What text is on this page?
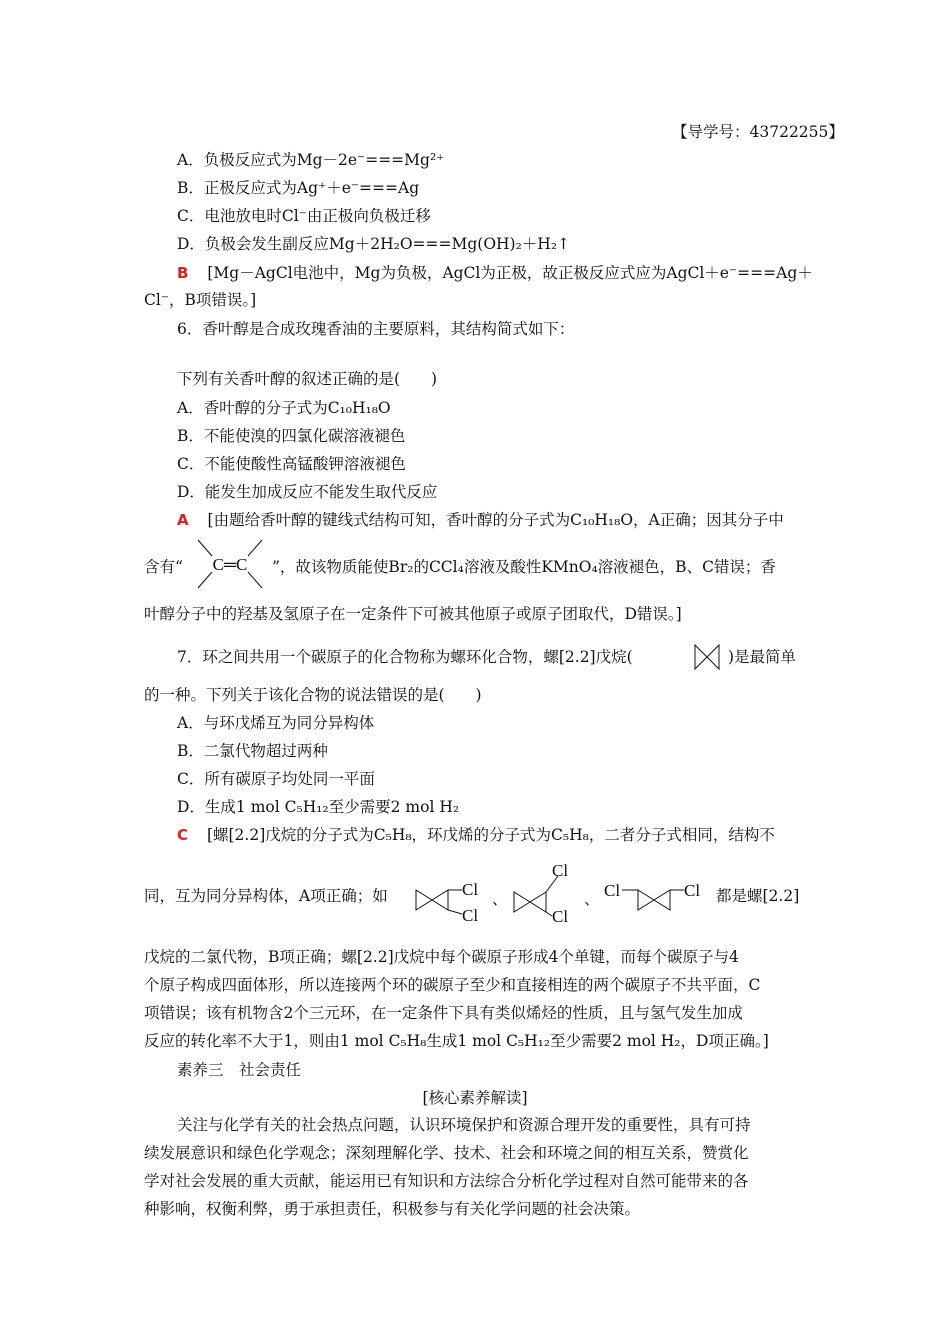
【导学号：43722255】
A．负极反应式为Mg－2e⁻===Mg²⁺
B．正极反应式为Ag⁺＋e⁻===Ag
C．电池放电时Cl⁻由正极向负极迁移
D．负极会发生副反应Mg＋2H₂O===Mg(OH)₂＋H₂↑
B [Mg－AgCl电池中，Mg为负极，AgCl为正极，故正极反应式应为AgCl＋e⁻===Ag＋
Cl⁻，B项错误。]
6．香叶醇是合成玫瑰香油的主要原料，其结构简式如下：
下列有关香叶醇的叙述正确的是(　　)
A．香叶醇的分子式为C₁₀H₁₈O
B．不能使溴的四氯化碳溶液褪色
C．不能使酸性高锰酸钾溶液褪色
D．能发生加成反应不能发生取代反应
A [由题给香叶醇的键线式结构可知，香叶醇的分子式为C₁₀H₁₈O，A正确；因其分子中
含有“ C═C ”，故该物质能使Br₂的CCl₄溶液及酸性KMnO₄溶液褪色，B、C错误；香
叶醇分子中的羟基及氢原子在一定条件下可被其他原子或原子团取代，D错误。]
7．环之间共用一个碳原子的化合物称为螺环化合物，螺[2.2]戊烷(	)是最简单
的一种。下列关于该化合物的说法错误的是(　　)
A．与环戊烯互为同分异构体
B．二氯代物超过两种
C．所有碳原子均处同一平面
D．生成1 mol C₅H₁₂至少需要2 mol H₂
C [螺[2.2]戊烷的分子式为C₅H₈，环戊烯的分子式为C₅H₈，二者分子式相同，结构不
同，互为同分异构体，A项正确；如	Cl
Cl
、
Cl
Cl
、 Cl	Cl 都是螺[2.2]
戊烷的二氯代物，B项正确；螺[2.2]戊烷中每个碳原子形成4个单键，而每个碳原子与4
个原子构成四面体形，所以连接两个环的碳原子至少和直接相连的两个碳原子不共平面，C
项错误；该有机物含2个三元环，在一定条件下具有类似烯烃的性质，且与氢气发生加成
反应的转化率不大于1，则由1 mol C₅H₈生成1 mol C₅H₁₂至少需要2 mol H₂，D项正确。]
素养三　社会责任
[核心素养解读]
关注与化学有关的社会热点问题，认识环境保护和资源合理开发的重要性，具有可持
续发展意识和绿色化学观念；深刻理解化学、技术、社会和环境之间的相互关系，赞赏化
学对社会发展的重大贡献，能运用已有知识和方法综合分析化学过程对自然可能带来的各
种影响，权衡利弊，勇于承担责任，积极参与有关化学问题的社会决策。
